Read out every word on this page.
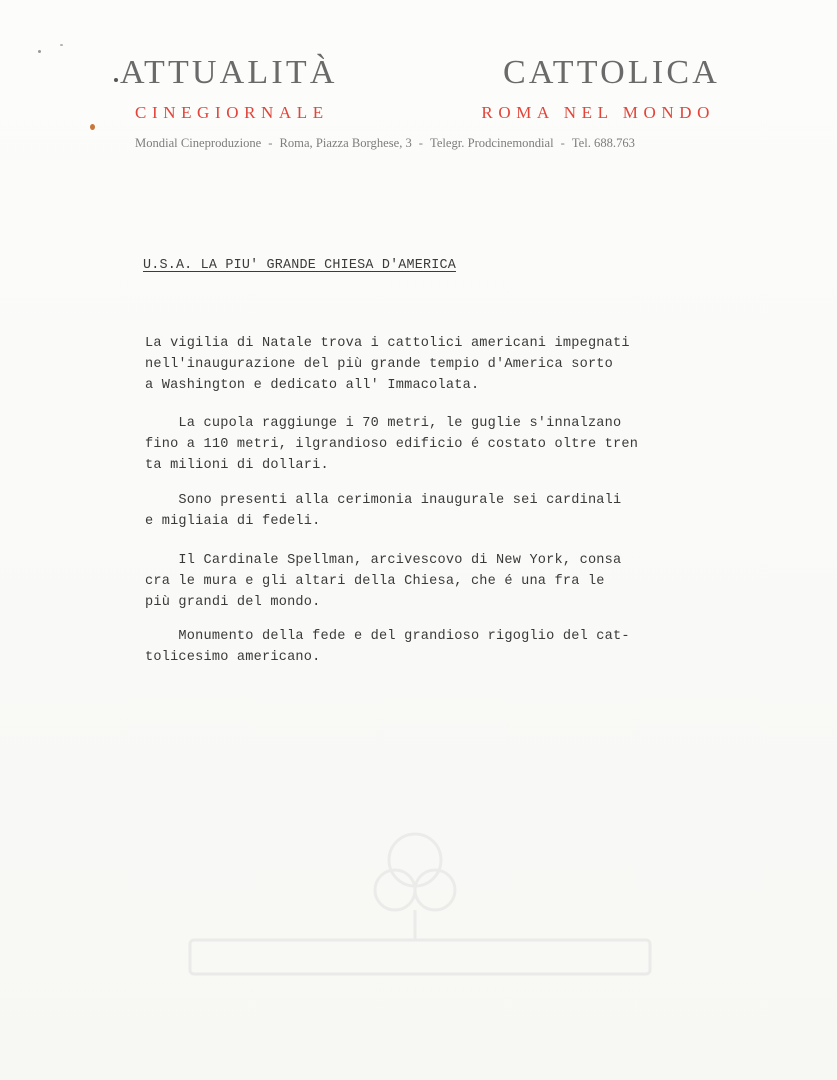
ATTUALITÀ	CATTOLICA
CINEGIORNALE	ROMA NEL MONDO
Mondial Cineproduzione - Roma, Piazza Borghese, 3 - Telegr. Prodcinemondial - Tel. 688.763
U.S.A. LA PIU' GRANDE CHIESA D'AMERICA
La vigilia di Natale trova i cattolici americani impegnati
nell'inaugurazione del più grande tempio d'America sorto
a Washington e dedicato all' Immacolata.
La cupola raggiunge i 70 metri, le guglie s'innalzano
fino a 110 metri, ilgrandioso edificio é costato oltre tren
ta milioni di dollari.
Sono presenti alla cerimonia inaugurale sei cardinali
e migliaia di fedeli.
Il Cardinale Spellman, arcivescovo di New York, consa
cra le mura e gli altari della Chiesa, che é una fra le
più grandi del mondo.
Monumento della fede e del grandioso rigoglio del cat-
tolicesimo americano.
